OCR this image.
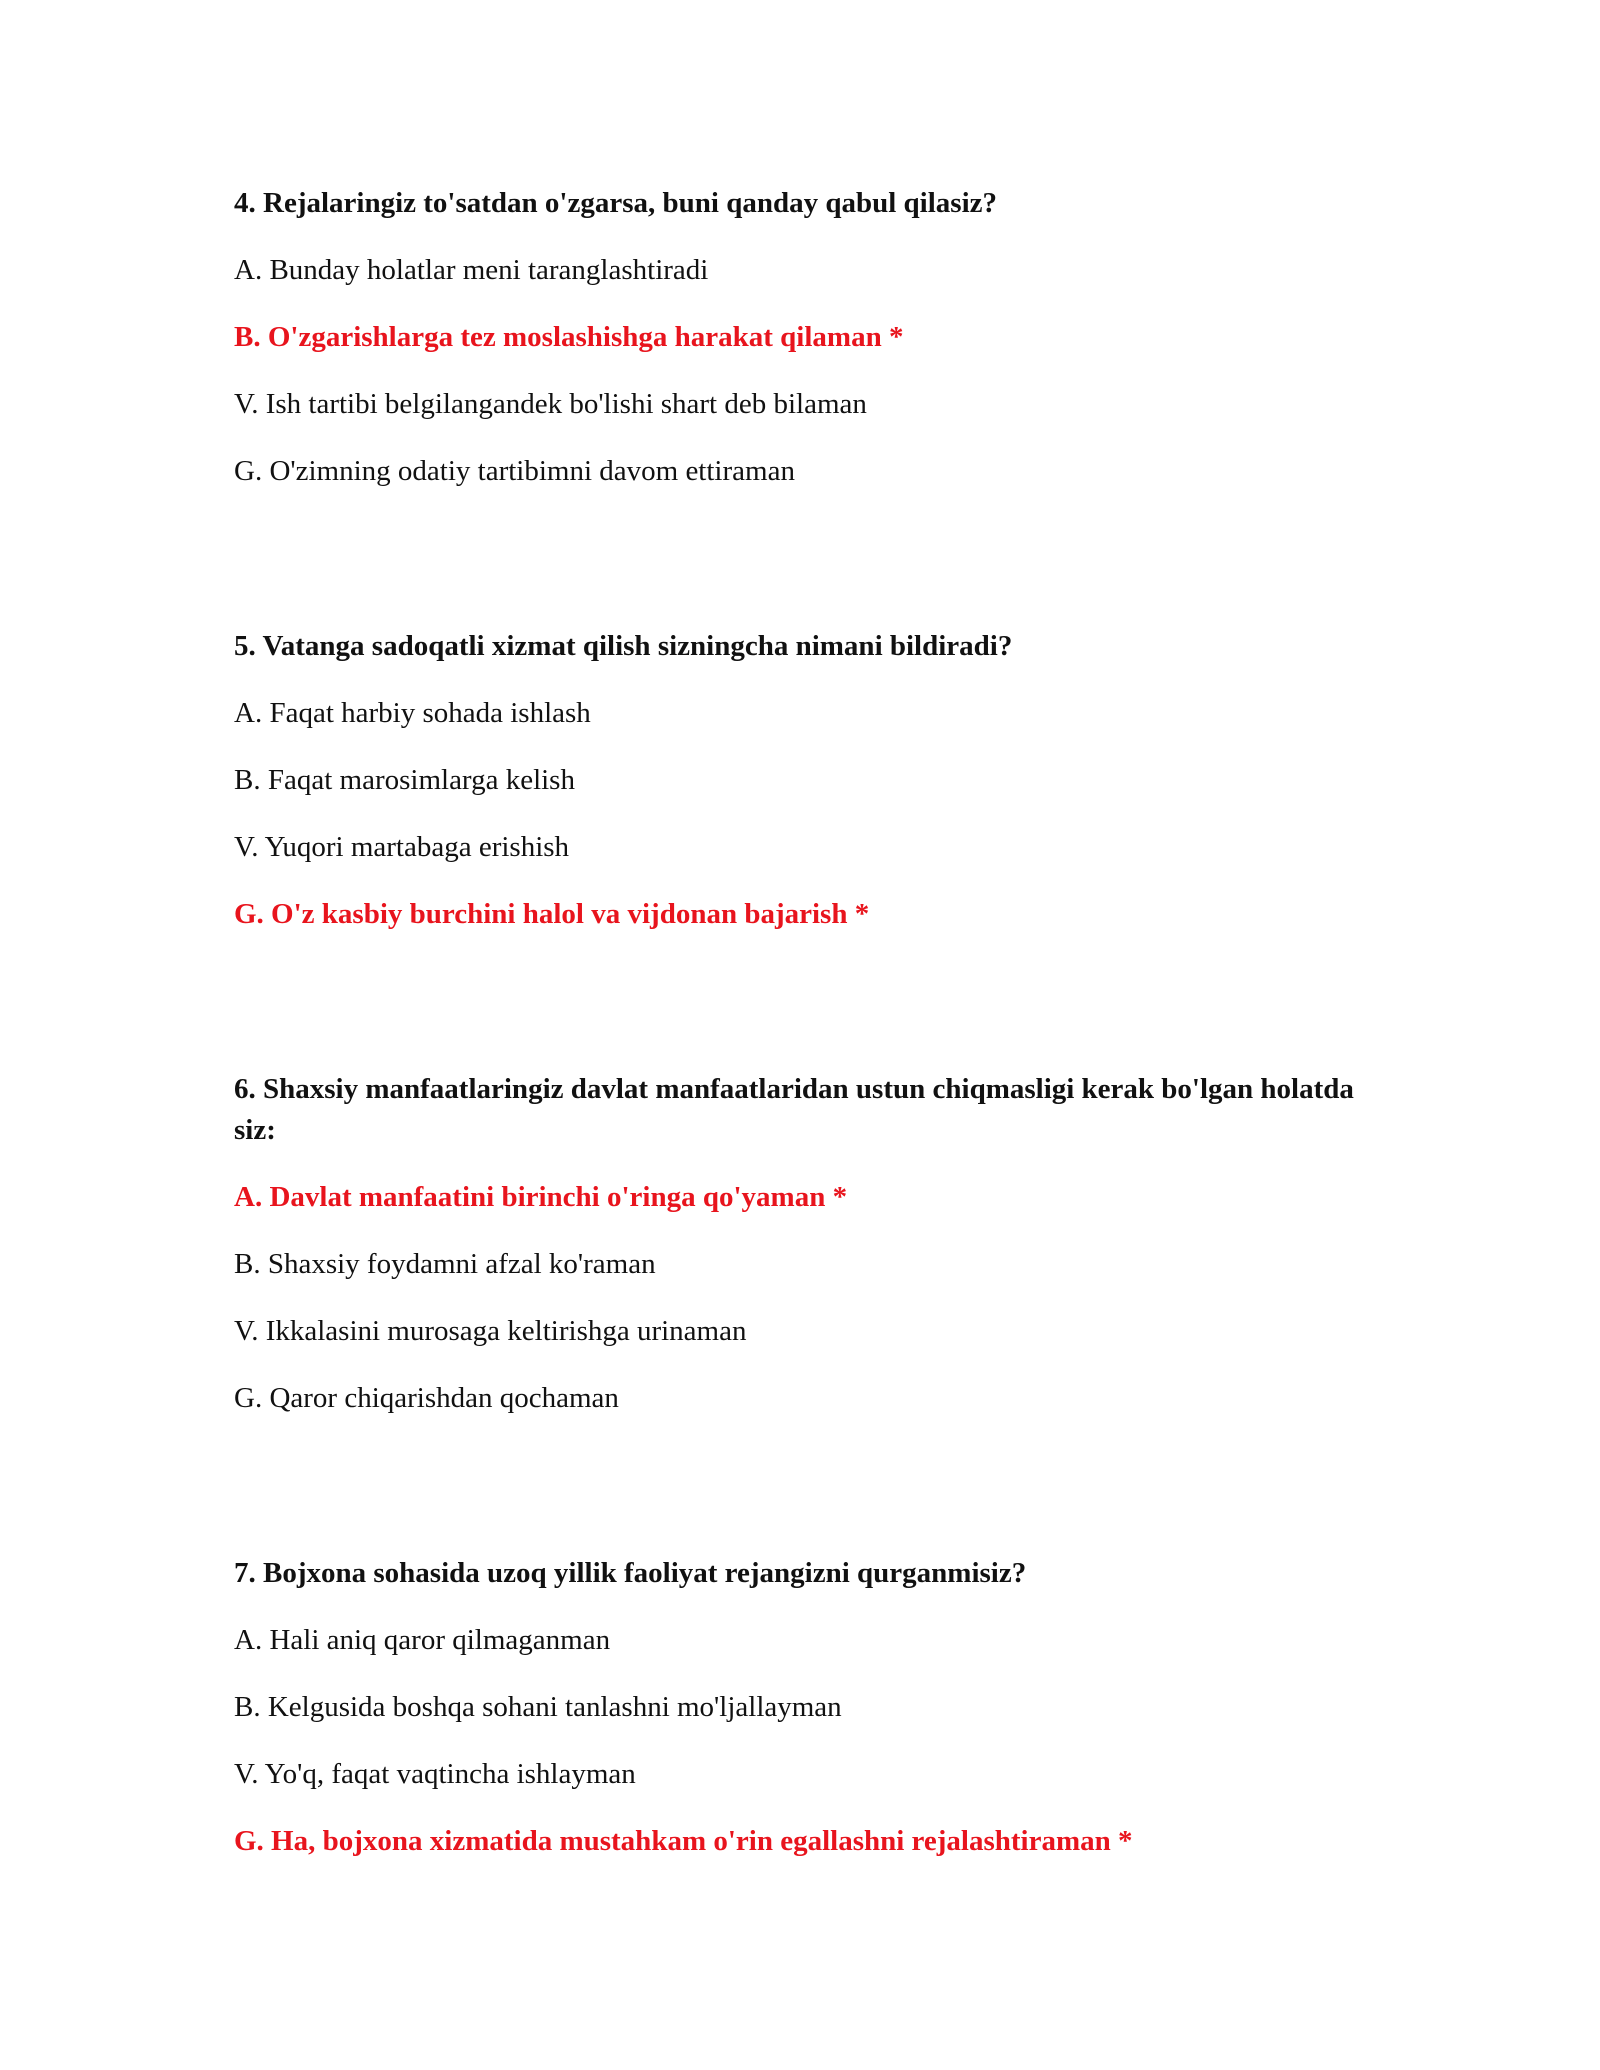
4. Rejalaringiz to'satdan o'zgarsa, buni qanday qabul qilasiz?
A. Bunday holatlar meni taranglashtiradi
B. O'zgarishlarga tez moslashishga harakat qilaman *
V. Ish tartibi belgilangandek bo'lishi shart deb bilaman
G. O'zimning odatiy tartibimni davom ettiraman
5. Vatanga sadoqatli xizmat qilish sizningcha nimani bildiradi?
A. Faqat harbiy sohada ishlash
B. Faqat marosimlarga kelish
V. Yuqori martabaga erishish
G. O'z kasbiy burchini halol va vijdonan bajarish *
6. Shaxsiy manfaatlaringiz davlat manfaatlaridan ustun chiqmasligi kerak bo'lgan holatda siz:
A. Davlat manfaatini birinchi o'ringa qo'yaman *
B. Shaxsiy foydamni afzal ko'raman
V. Ikkalasini murosaga keltirishga urinaman
G. Qaror chiqarishdan qochaman
7. Bojxona sohasida uzoq yillik faoliyat rejangizni qurganmisiz?
A. Hali aniq qaror qilmaganman
B. Kelgusida boshqa sohani tanlashni mo'ljallayman
V. Yo'q, faqat vaqtincha ishlayman
G. Ha, bojxona xizmatida mustahkam o'rin egallashni rejalashtiraman *
